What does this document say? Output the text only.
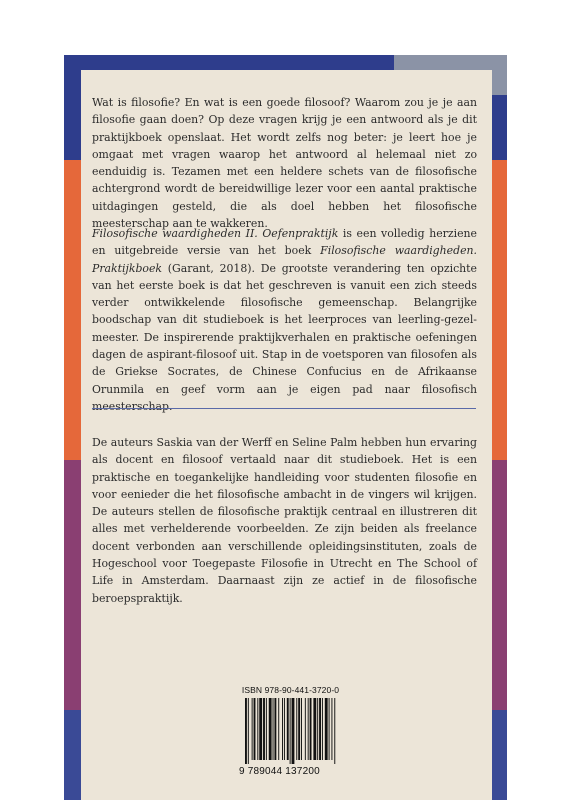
Wat is filosofie? En wat is een goede filosoof? Waarom zou je je aan filosofie gaan doen? Op deze vragen krijg je een antwoord als je dit praktijkboek openslaat. Het wordt zelfs nog beter: je leert hoe je omgaat met vragen waarop het antwoord al helemaal niet zo eenduidig is. Tezamen met een heldere schets van de filosofische achtergrond wordt de bereidwillige lezer voor een aantal praktische uitdagingen gesteld, die als doel hebben het filosofische meesterschap aan te wakkeren.

Filosofische waardigheden II. Oefenpraktijk is een volledig herziene en uitgebreide versie van het boek Filosofische waardigheden. Praktijkboek (Garant, 2018). De grootste verandering ten opzichte van het eerste boek is dat het geschreven is vanuit een zich steeds verder ontwikkelende filosofische gemeenschap. Belangrijke boodschap van dit studieboek is het leerproces van leerling-gezel-meester. De inspirerende praktijkverhalen en praktische oefeningen dagen de aspirant-filosoof uit. Stap in de voetsporen van filosofen als de Griekse Socrates, de Chinese Confucius en de Afrikaanse Orunmila en geef vorm aan je eigen pad naar filosofisch meesterschap.

De auteurs Saskia van der Werff en Seline Palm hebben hun ervaring als docent en filosoof vertaald naar dit studieboek. Het is een praktische en toegankelijke handleiding voor studenten filosofie en voor eenieder die het filosofische ambacht in de vingers wil krijgen. De auteurs stellen de filosofische praktijk centraal en illustreren dit alles met verhelderende voorbeelden. Ze zijn beiden als freelance docent verbonden aan verschillende opleidingsinstituten, zoals de Hogeschool voor Toegepaste Filosofie in Utrecht en The School of Life in Amsterdam. Daarnaast zijn ze actief in de filosofische beroepspraktijk.

ISBN 978-90-441-3720-0
9 789044 137200
